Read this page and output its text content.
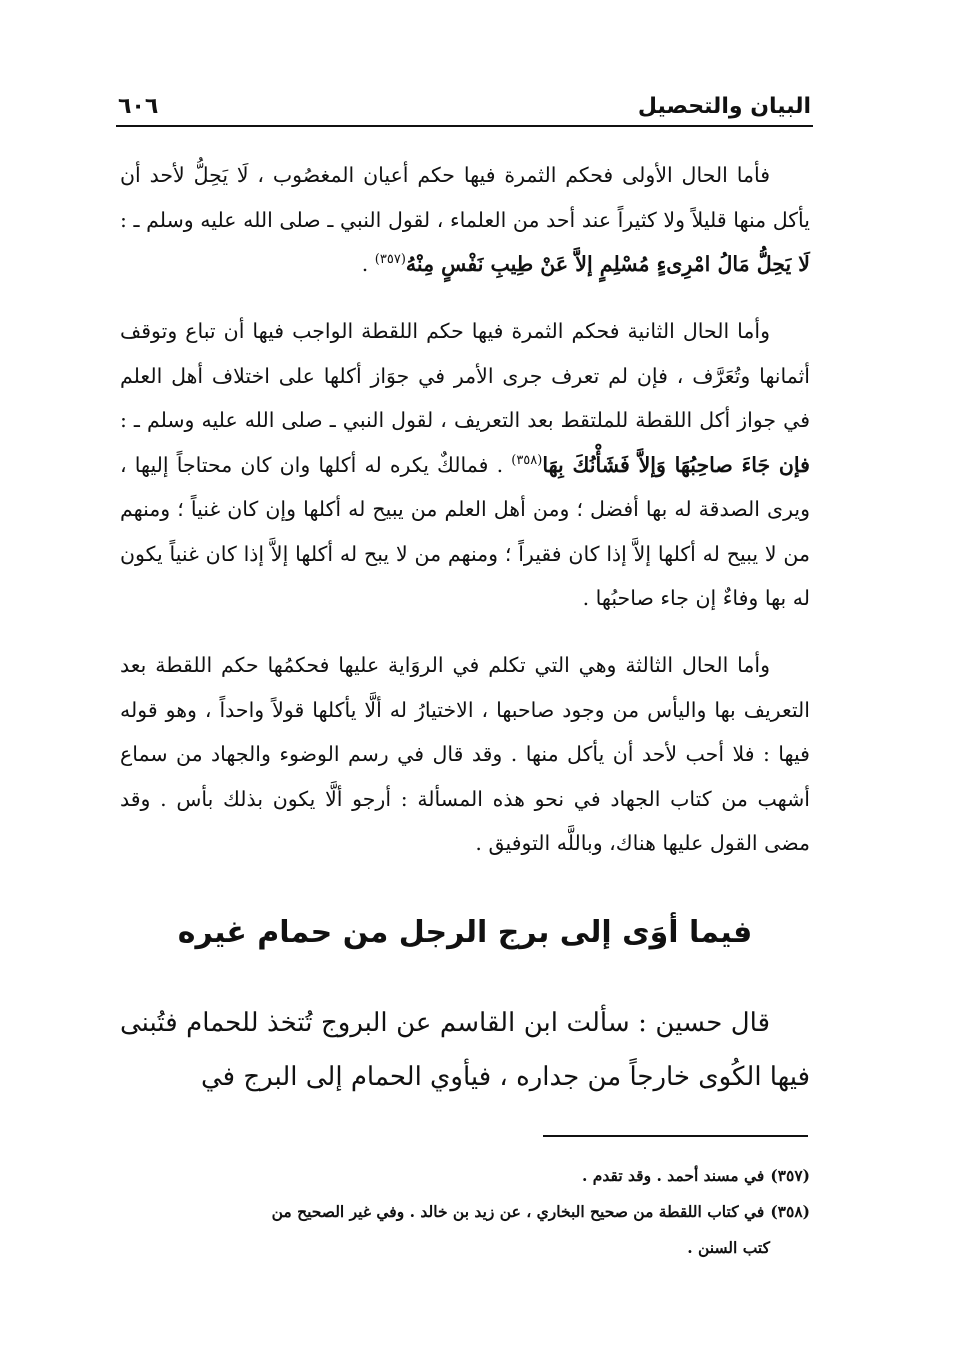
البيان والتحصيل
٦٠٦

فأما الحال الأولى فحكم الثمرة فيها حكم أعيان المغصُوب ، لَا يَحِلُّ لأحد أن يأكل منها قليلاً ولا كثيراً عند أحد من العلماء ، لقول النبي ـ صلى الله عليه وسلم ـ : لَا يَحِلُّ مَالُ امْرِىءٍ مُسْلِمٍ إلاَّ عَنْ طِيبِ نَفْسٍ مِنْهُ$^{(٣٥٧)}$ .

وأما الحال الثانية فحكم الثمرة فيها حكم اللقطة الواجب فيها أن تباع وتوقف أثمانها وتُعَرَّف ، فإن لم تعرف جرى الأمر في جوَاز أكلها على اختلاف أهل العلم في جواز أكل اللقطة للملتقط بعد التعريف ، لقول النبي ـ صلى الله عليه وسلم ـ : فإن جَاءَ صاحِبُهَا وَإلاَّ فَشَأْنُكَ بِهَا$^{(٣٥٨)}$ . فمالكٌ يكره له أكلها وان كان محتاجاً إليها ، ويرى الصدقة له بها أفضل ؛ ومن أهل العلم من يبيح له أكلها وإن كان غنياً ؛ ومنهم من لا يبيح له أكلها إلاَّ إذا كان فقيراً ؛ ومنهم من لا يبح له أكلها إلاَّ إذا كان غنياً يكون له بها وفاءٌ إن جاء صاحبُها .

وأما الحال الثالثة وهي التي تكلم في الروَاية عليها فحكمُها حكم اللقطة بعد التعريف بها واليأس من وجود صاحبها ، الاختيارُ له ألَّا يأكلها قولاً واحداً ، وهو قوله فيها : فلا أحب لأحد أن يأكل منها . وقد قال في رسم الوضوء والجهاد من سماع أشهب من كتاب الجهاد في نحو هذه المسألة : أرجو ألَّا يكون بذلك بأس . وقد مضى القول عليها هناك، وباللَّه التوفيق .

فيما أوَى إلى برج الرجل من حمام غيره

قال حسين : سألت ابن القاسم عن البروج تُتخذ للحمام فتُبنى فيها الكُوى خارجاً من جداره ، فيأوي الحمام إلى البرج في

(٣٥٧)في مسند أحمد . وقد تقدم .

(٣٥٨)في كتاب اللقطة من صحيح البخاري ، عن زيد بن خالد . وفي غير الصحيح من

كتب السنن .
